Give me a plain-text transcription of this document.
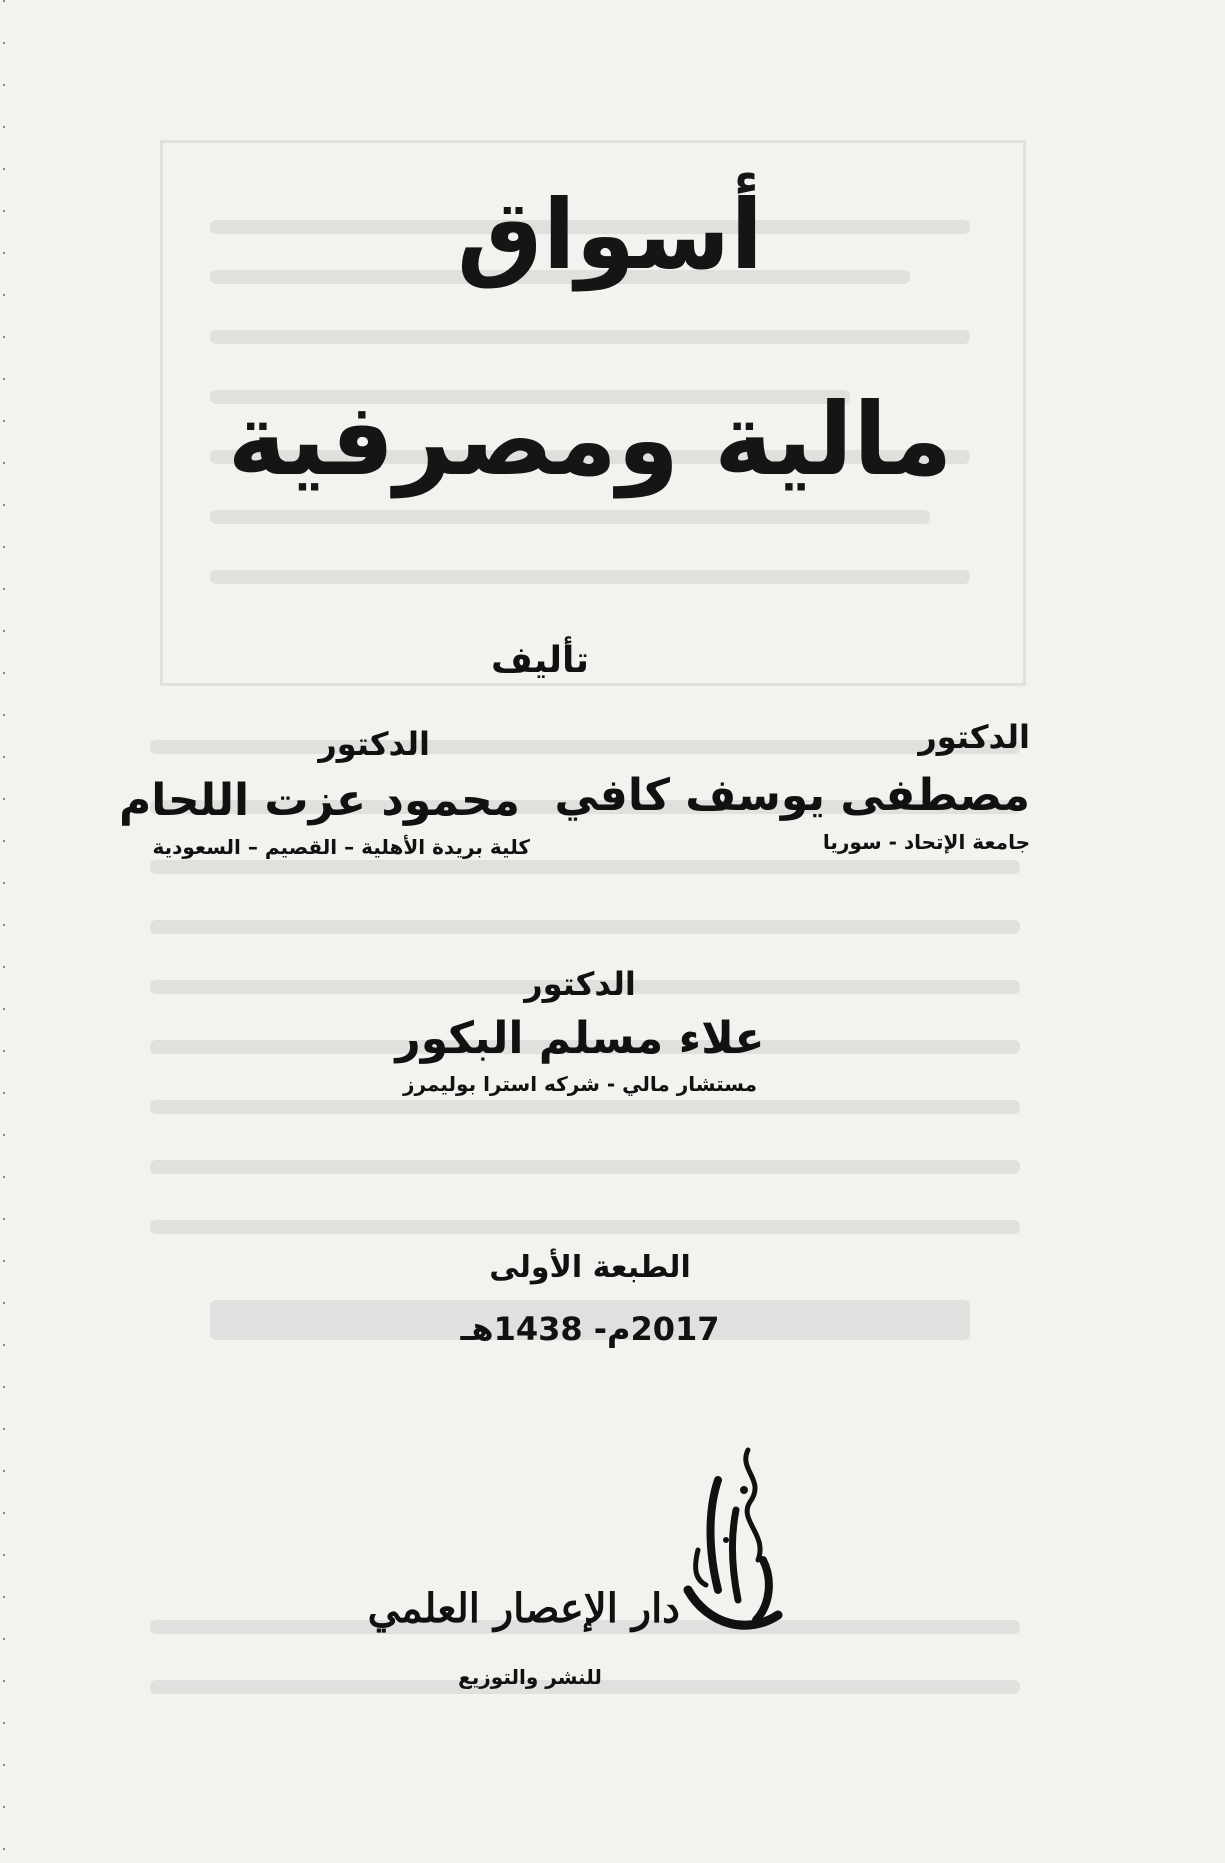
أسواق
مالية ومصرفية
تأليف
الدكتور
مصطفى يوسف كافي
جامعة الإتحاد - سوريا
الدكتور
محمود عزت اللحام
كلية بريدة الأهلية – القصيم – السعودية
الدكتور
علاء مسلم البكور
مستشار مالي - شركه استرا بوليمرز
الطبعة الأولى
2017م- 1438هـ
دار الإعصار العلمي
للنشر والتوزيع
